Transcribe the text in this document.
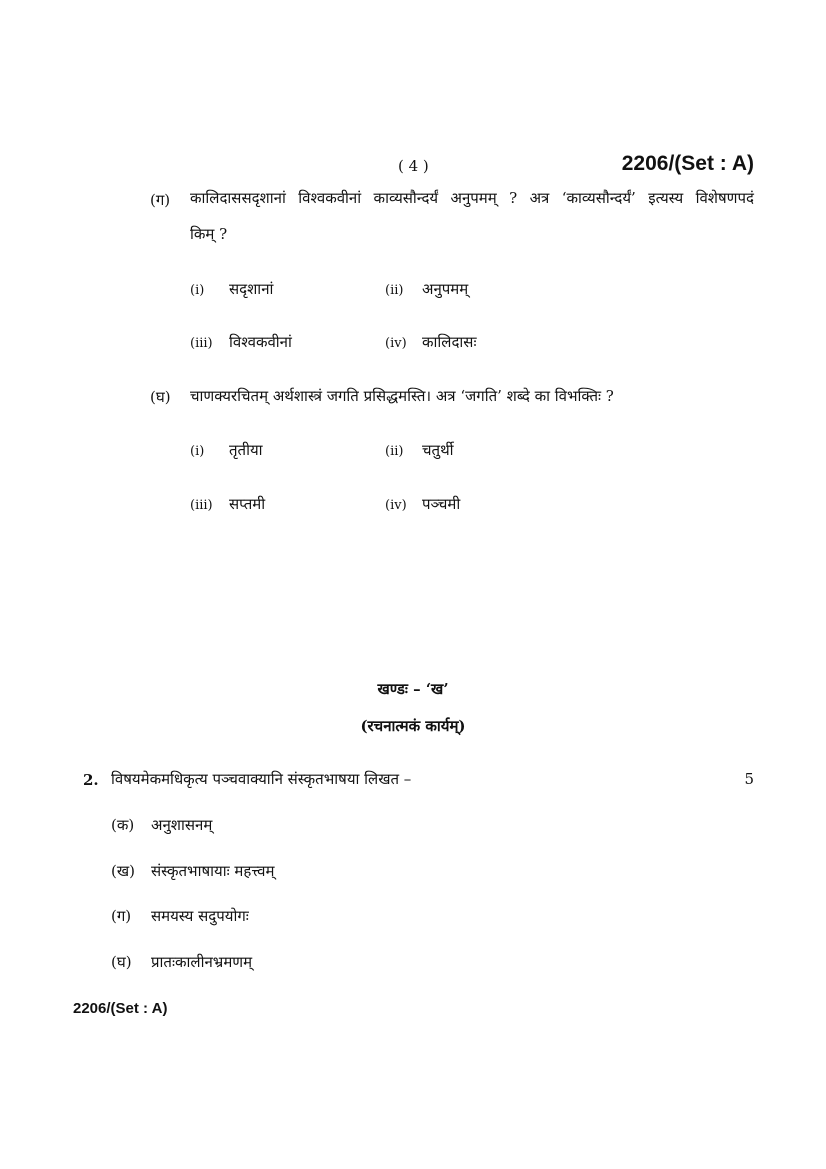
( 4 )	2206/(Set : A)
(ग) कालिदाससदृशानां विश्वकवीनां काव्यसौन्दर्यं अनुपमम् ? अत्र ‘काव्यसौन्दर्यं’ इत्यस्य विशेषणपदं
किम् ?
(i) सदृशानां	(ii) अनुपमम्
(iii) विश्वकवीनां	(iv) कालिदासः
(घ) चाणक्यरचितम् अर्थशास्त्रं जगति प्रसिद्धमस्ति। अत्र ‘जगति’ शब्दे का विभक्तिः ?
(i) तृतीया	(ii) चतुर्थी
(iii) सप्तमी	(iv) पञ्चमी
खण्डः – ‘ख’
(रचनात्मकं कार्यम्)
2. विषयमेकमधिकृत्य पञ्चवाक्यानि संस्कृतभाषया लिखत –	5
(क) अनुशासनम्
(ख) संस्कृतभाषायाः महत्त्वम्
(ग) समयस्य सदुपयोगः
(घ) प्रातःकालीनभ्रमणम्
2206/(Set : A)
